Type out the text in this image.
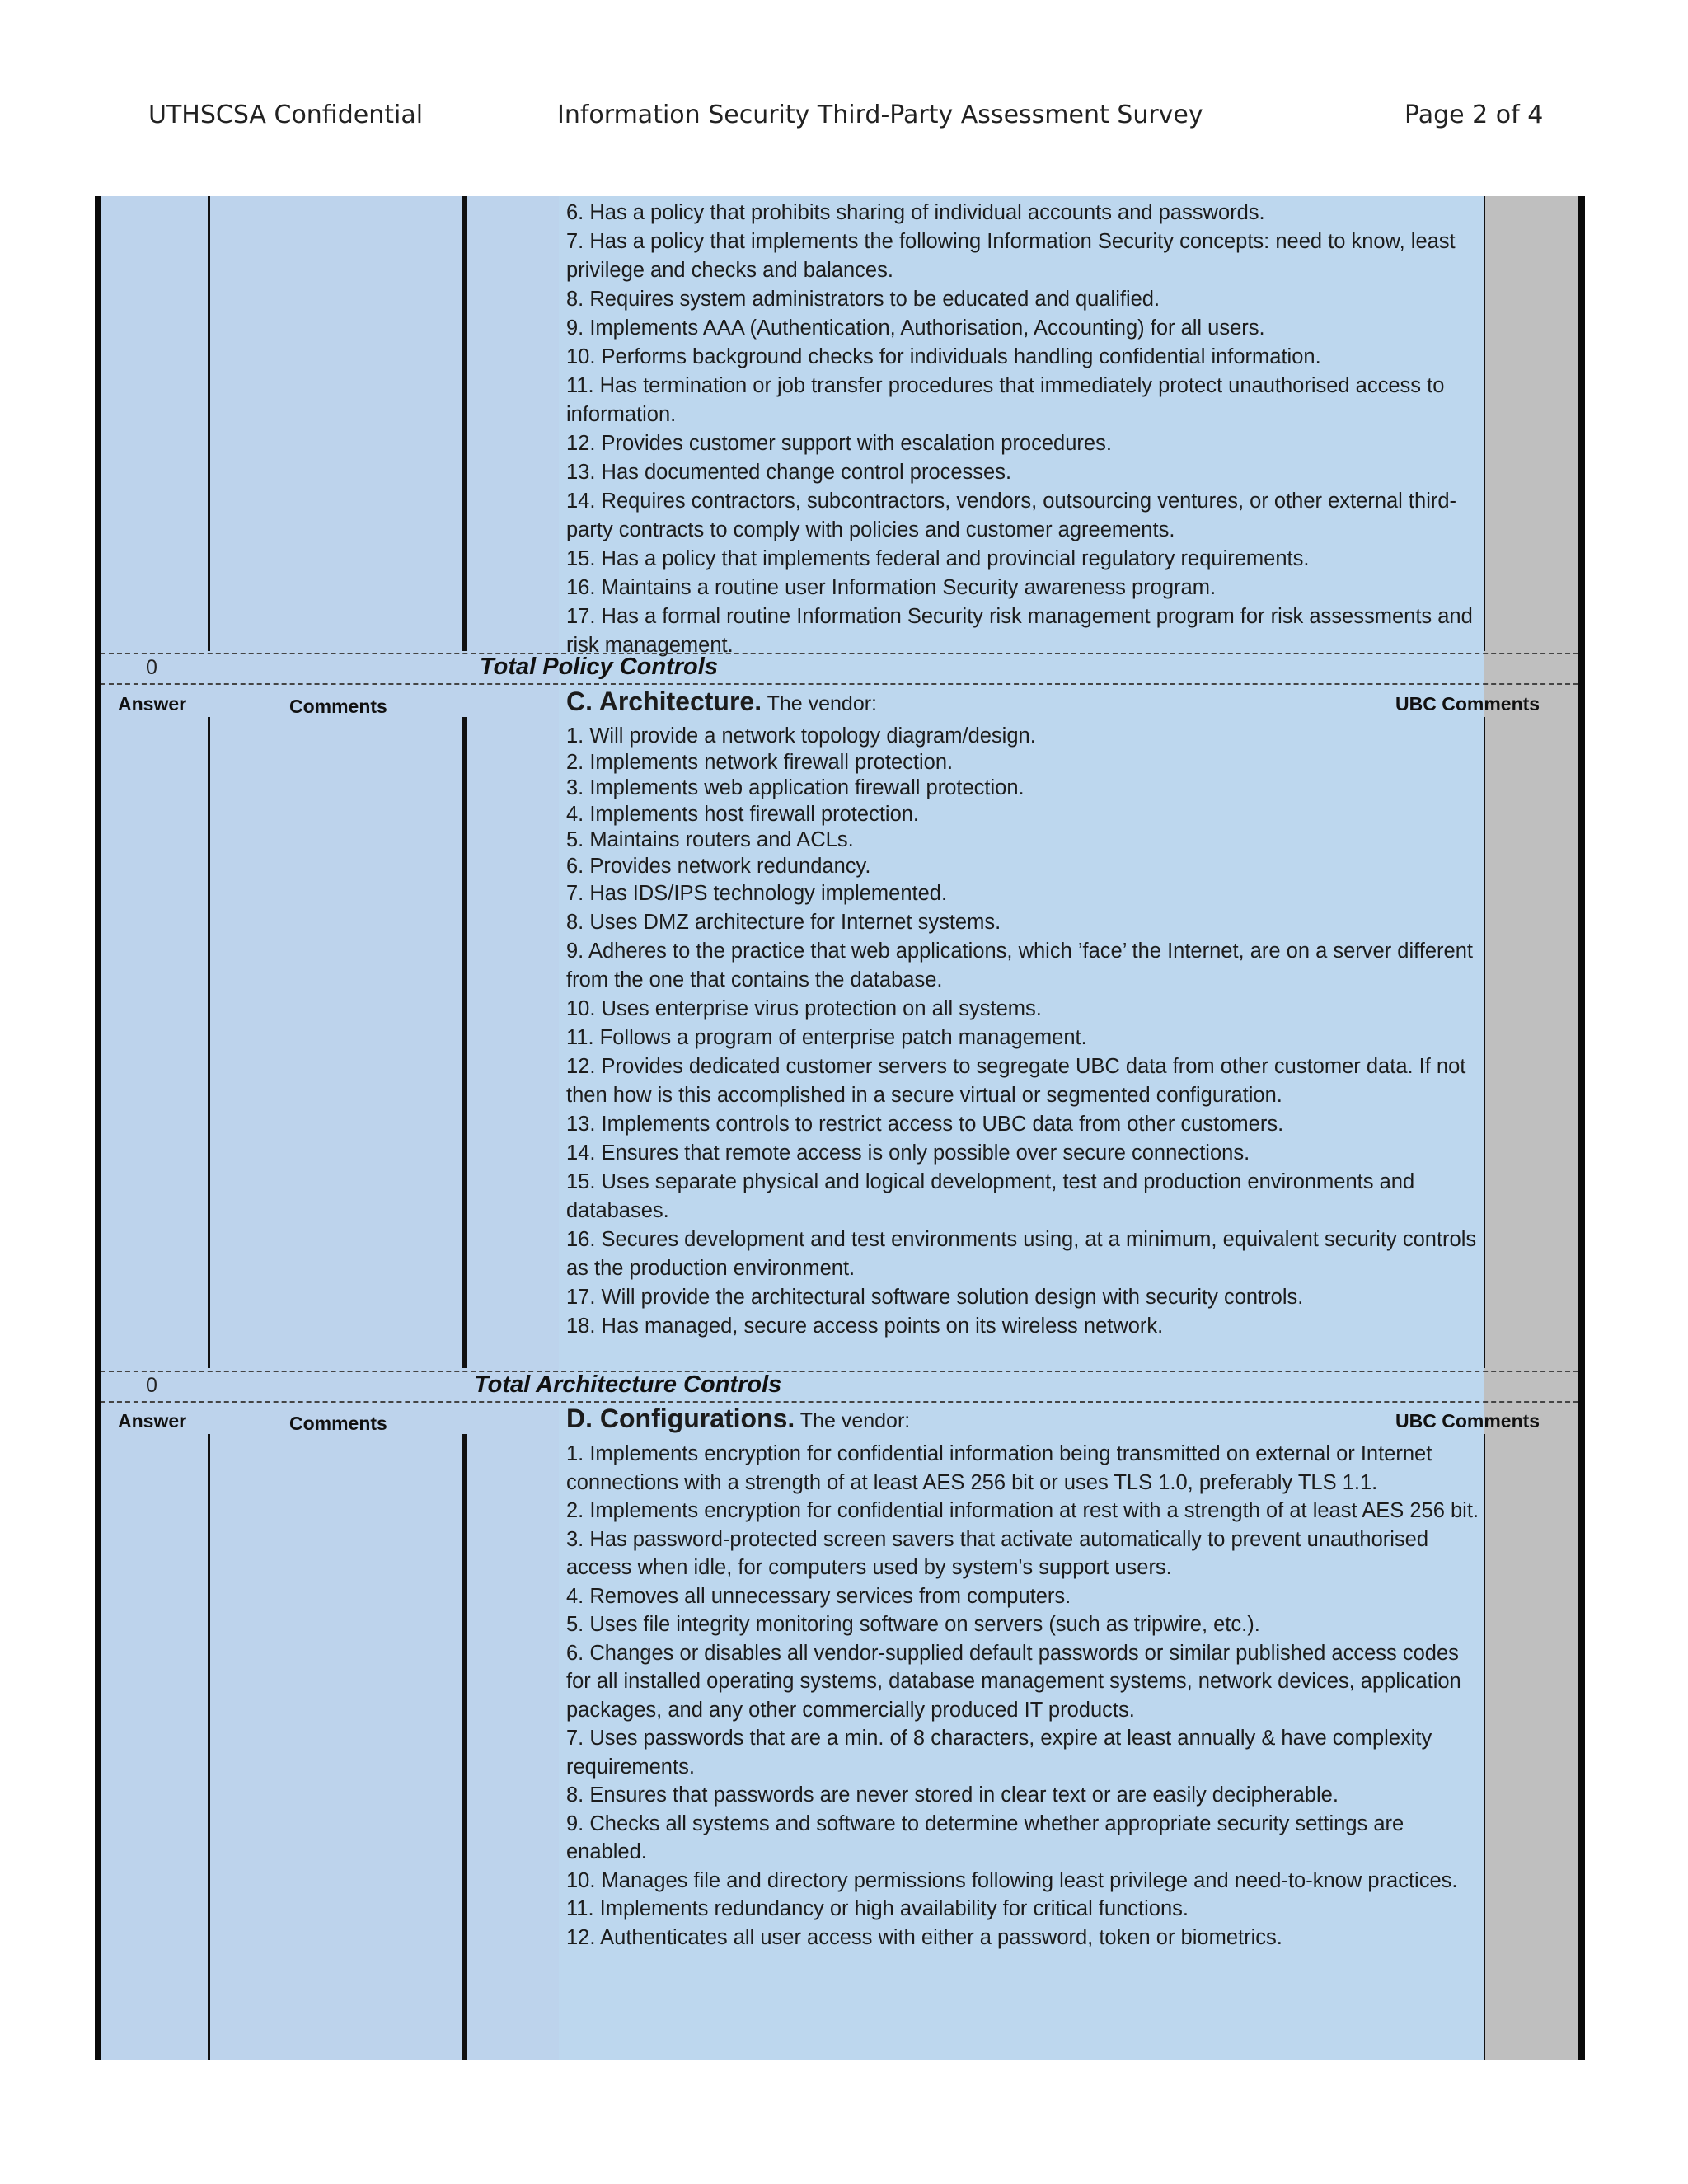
UTHSCSA Confidential	Information Security Third-Party Assessment Survey	Page 2 of 4

6. Has a policy that prohibits sharing of individual accounts and passwords.

7. Has a policy that implements the following Information Security concepts: need to know, least privilege and checks and balances.

8. Requires system administrators to be educated and qualified.

9. Implements AAA (Authentication, Authorisation, Accounting) for all users.

10. Performs background checks for individuals handling confidential information.

11. Has termination or job transfer procedures that immediately protect unauthorised access to information.

12. Provides customer support with escalation procedures.

13. Has documented change control processes.

14. Requires contractors, subcontractors, vendors, outsourcing ventures, or other external third-party contracts to comply with policies and customer agreements.

15. Has a policy that implements federal and provincial regulatory requirements.

16. Maintains a routine user Information Security awareness program.

17. Has a formal routine Information Security risk management program for risk assessments and risk management.

0	Total Policy Controls
Answer	Comments	C. Architecture. The vendor:	UBC Comments

1. Will provide a network topology diagram/design.

2. Implements network firewall protection.

3. Implements web application firewall protection.

4. Implements host firewall protection.

5. Maintains routers and ACLs.

6. Provides network redundancy.

7. Has IDS/IPS technology implemented.

8. Uses DMZ architecture for Internet systems.

9. Adheres to the practice that web applications, which ’face’ the Internet, are on a server different from the one that contains the database.

10. Uses enterprise virus protection on all systems.

11. Follows a program of enterprise patch management.

12. Provides dedicated customer servers to segregate UBC data from other customer data. If not then how is this accomplished in a secure virtual or segmented configuration.

13. Implements controls to restrict access to UBC data from other customers.

14. Ensures that remote access is only possible over secure connections.

15. Uses separate physical and logical development, test and production environments and databases.

16. Secures development and test environments using, at a minimum, equivalent security controls as the production environment.

17. Will provide the architectural software solution design with security controls.

18. Has managed, secure access points on its wireless network.

0	Total Architecture Controls
Answer	Comments	D. Configurations. The vendor:	UBC Comments

1. Implements encryption for confidential information being transmitted on external or Internet connections with a strength of at least AES 256 bit or uses TLS 1.0, preferably TLS 1.1.

2. Implements encryption for confidential information at rest with a strength of at least AES 256 bit.

3. Has password-protected screen savers that activate automatically to prevent unauthorised access when idle, for computers used by system's support users.

4. Removes all unnecessary services from computers.

5. Uses file integrity monitoring software on servers (such as tripwire, etc.).

6. Changes or disables all vendor-supplied default passwords or similar published access codes for all installed operating systems, database management systems, network devices, application packages, and any other commercially produced IT products.

7. Uses passwords that are a min. of 8 characters, expire at least annually & have complexity requirements.

8. Ensures that passwords are never stored in clear text or are easily decipherable.

9. Checks all systems and software to determine whether appropriate security settings are enabled.

10. Manages file and directory permissions following least privilege and need-to-know practices.

11. Implements redundancy or high availability for critical functions.

12. Authenticates all user access with either a password, token or biometrics.
